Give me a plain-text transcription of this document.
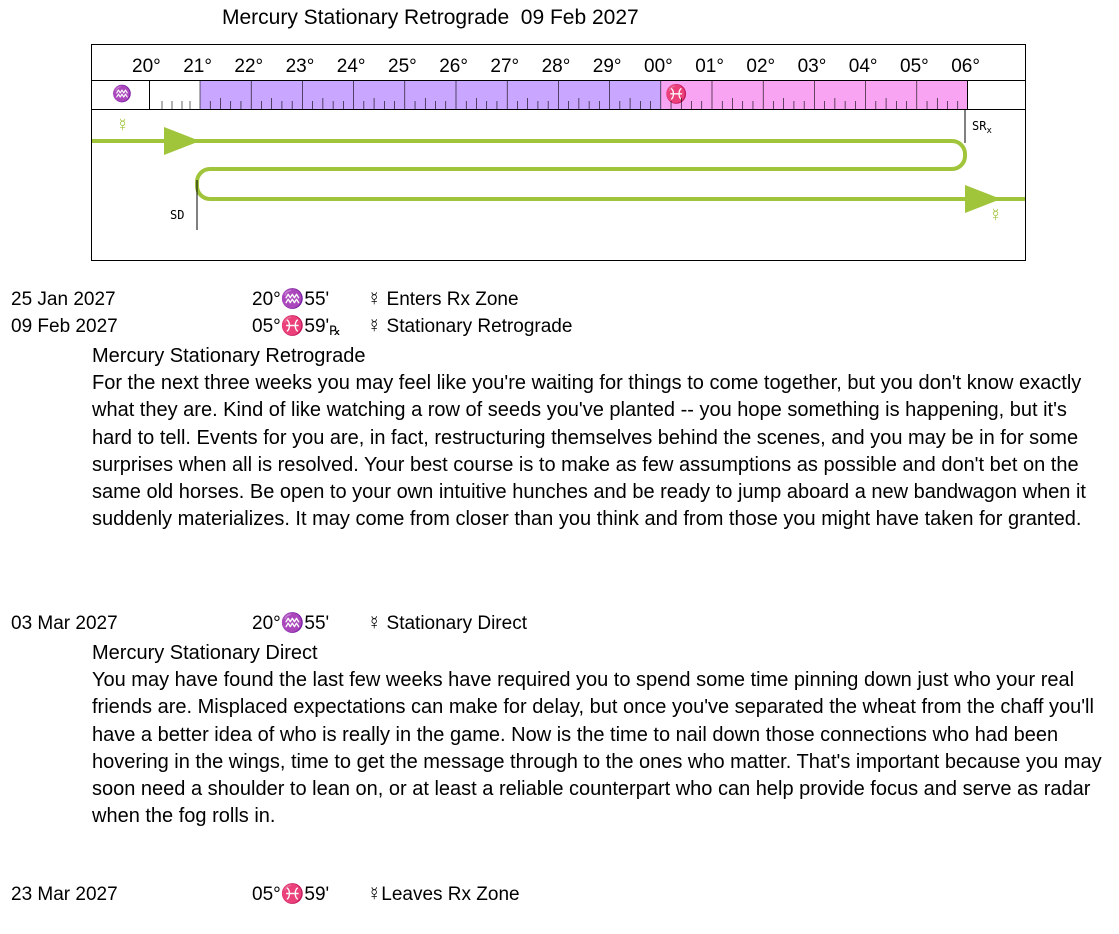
Mercury Stationary Retrograde  09 Feb 2027
20° 21° 22° 23° 24° 25° 26° 27° 28° 29° 00° 01° 02° 03° 04° 05° 06°
♒	♓
☿
☿
$SR_x$
SD
25 Jan 2027	20°♒55' ☿ Enters Rx Zone
09 Feb 2027	05°♓59'℞ ☿ Stationary Retrograde
Mercury Stationary Retrograde
For the next three weeks you may feel like you're waiting for things to come together, but you don't know exactly what they are. Kind of like watching a row of seeds you've planted -- you hope something is happening, but it's hard to tell. Events for you are, in fact, restructuring themselves behind the scenes, and you may be in for some surprises when all is resolved. Your best course is to make as few assumptions as possible and don't bet on the same old horses. Be open to your own intuitive hunches and be ready to jump aboard a new bandwagon when it suddenly materializes. It may come from closer than you think and from those you might have taken for granted.
03 Mar 2027	20°♒55' ☿ Stationary Direct
Mercury Stationary Direct
You may have found the last few weeks have required you to spend some time pinning down just who your real friends are. Misplaced expectations can make for delay, but once you've separated the wheat from the chaff you'll have a better idea of who is really in the game. Now is the time to nail down those connections who had been hovering in the wings, time to get the message through to the ones who matter. That's important because you may soon need a shoulder to lean on, or at least a reliable counterpart who can help provide focus and serve as radar when the fog rolls in.
23 Mar 2027	05°♓59' ☿Leaves Rx Zone
